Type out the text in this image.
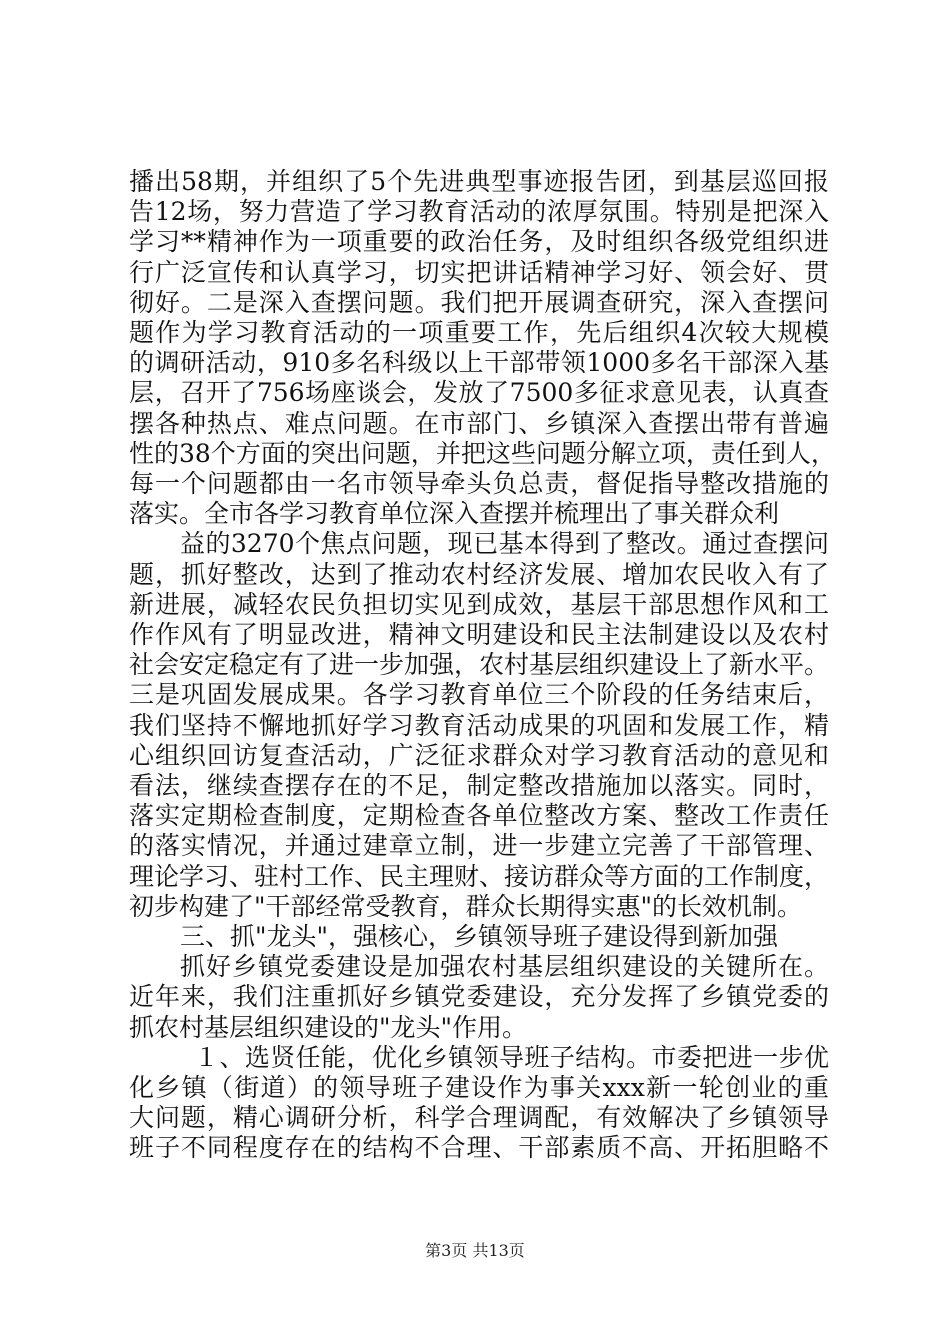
播出58期，并组织了5个先进典型事迹报告团，到基层巡回报
告12场，努力营造了学习教育活动的浓厚氛围。特别是把深入
学习**精神作为一项重要的政治任务，及时组织各级党组织进
行广泛宣传和认真学习，切实把讲话精神学习好、领会好、贯
彻好。二是深入查摆问题。我们把开展调查研究，深入查摆问
题作为学习教育活动的一项重要工作，先后组织4次较大规模
的调研活动，910多名科级以上干部带领1000多名干部深入基
层，召开了756场座谈会，发放了7500多征求意见表，认真查
摆各种热点、难点问题。在市部门、乡镇深入查摆出带有普遍
性的38个方面的突出问题，并把这些问题分解立项，责任到人，
每一个问题都由一名市领导牵头负总责，督促指导整改措施的
落实。全市各学习教育单位深入查摆并梳理出了事关群众利
益的3270个焦点问题，现已基本得到了整改。通过查摆问
题，抓好整改，达到了推动农村经济发展、增加农民收入有了
新进展，减轻农民负担切实见到成效，基层干部思想作风和工
作作风有了明显改进，精神文明建设和民主法制建设以及农村
社会安定稳定有了进一步加强，农村基层组织建设上了新水平。
三是巩固发展成果。各学习教育单位三个阶段的任务结束后，
我们坚持不懈地抓好学习教育活动成果的巩固和发展工作，精
心组织回访复查活动，广泛征求群众对学习教育活动的意见和
看法，继续查摆存在的不足，制定整改措施加以落实。同时，
落实定期检查制度，定期检查各单位整改方案、整改工作责任
的落实情况，并通过建章立制，进一步建立完善了干部管理、
理论学习、驻村工作、民主理财、接访群众等方面的工作制度，
初步构建了"干部经常受教育，群众长期得实惠"的长效机制。
三、抓"龙头"，强核心，乡镇领导班子建设得到新加强
抓好乡镇党委建设是加强农村基层组织建设的关键所在。
近年来，我们注重抓好乡镇党委建设，充分发挥了乡镇党委的
抓农村基层组织建设的"龙头"作用。
１、选贤任能，优化乡镇领导班子结构。市委把进一步优
化乡镇（街道）的领导班子建设作为事关xxx新一轮创业的重
大问题，精心调研分析，科学合理调配，有效解决了乡镇领导
班子不同程度存在的结构不合理、干部素质不高、开拓胆略不
第3页 共13页
